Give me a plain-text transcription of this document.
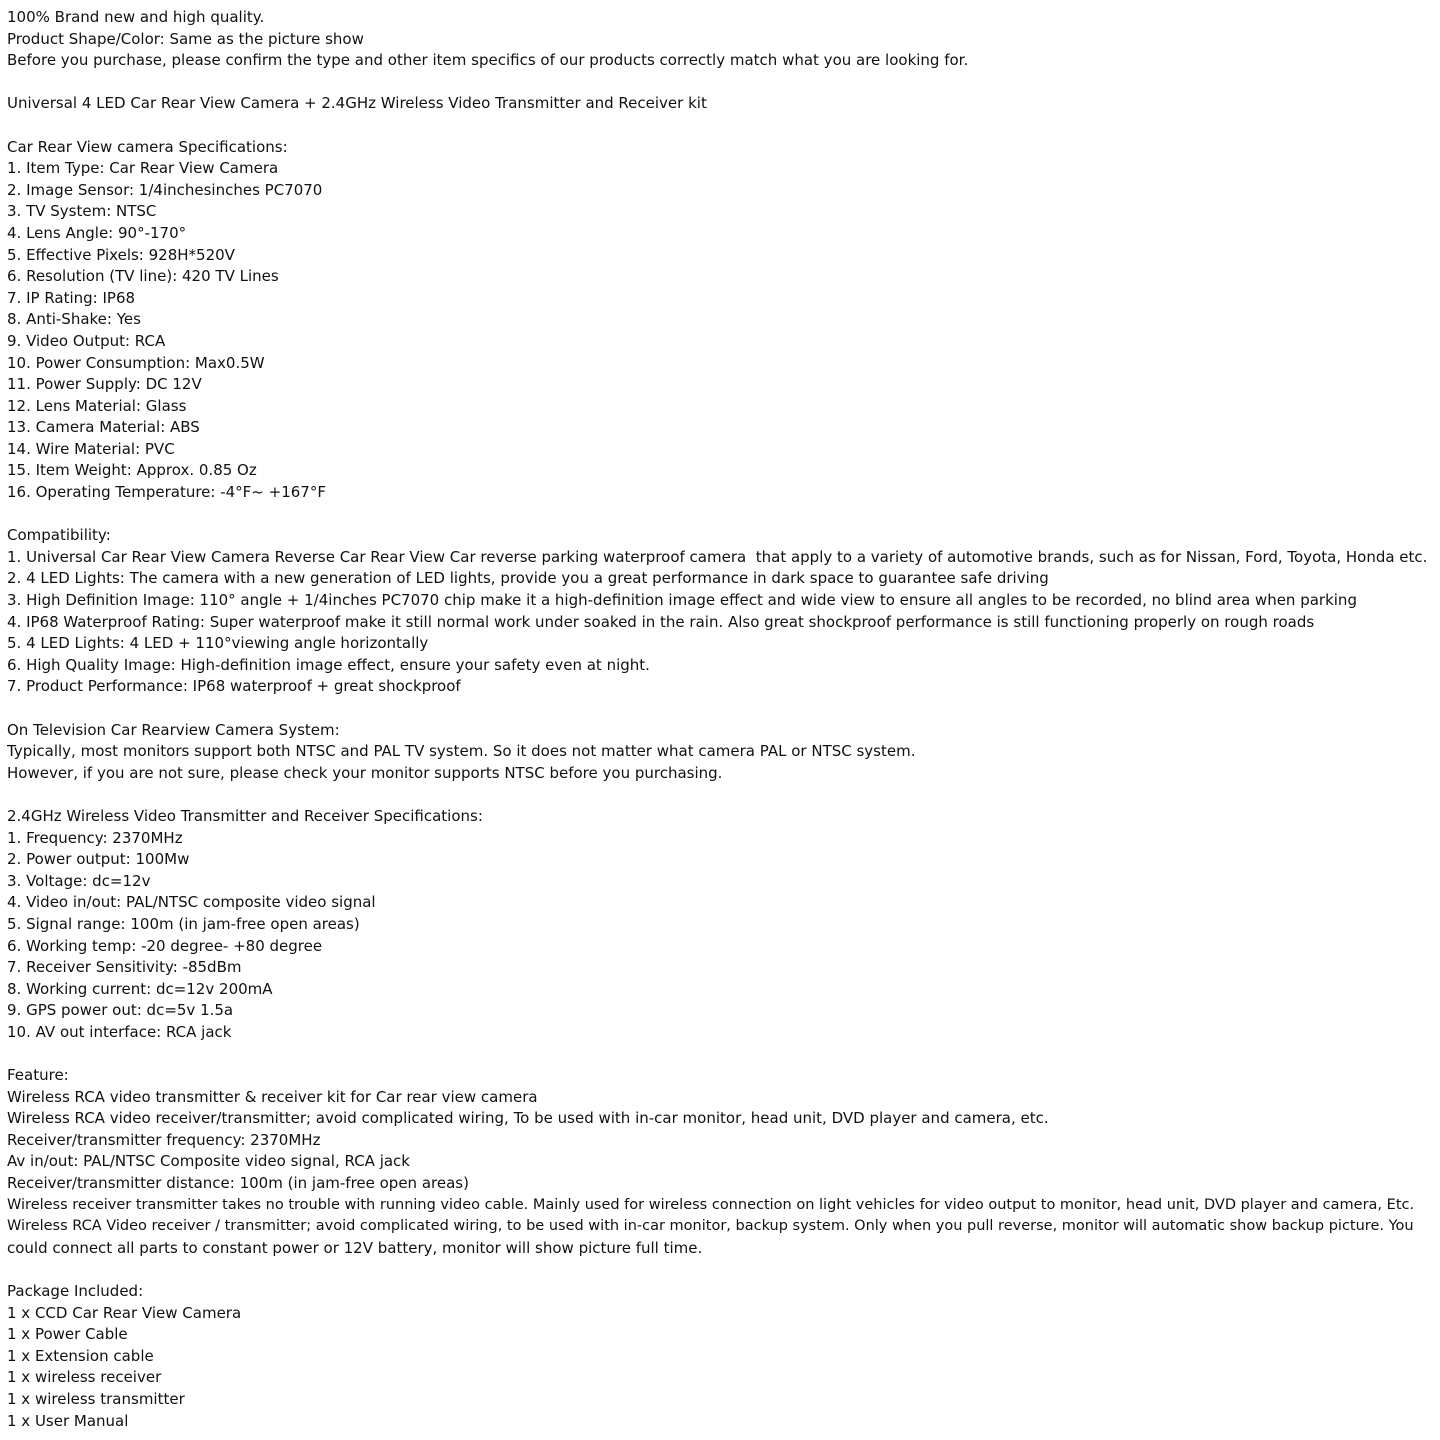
100% Brand new and high quality.

Product Shape/Color: Same as the picture show

Before you purchase, please confirm the type and other item specifics of our products correctly match what you are looking for.

Universal 4 LED Car Rear View Camera + 2.4GHz Wireless Video Transmitter and Receiver kit

Car Rear View camera Specifications:

1. Item Type: Car Rear View Camera

2. Image Sensor: 1/4inchesinches PC7070

3. TV System: NTSC

4. Lens Angle: 90°-170°

5. Effective Pixels: 928H*520V

6. Resolution (TV line): 420 TV Lines

7. IP Rating: IP68

8. Anti-Shake: Yes

9. Video Output: RCA

10. Power Consumption: Max0.5W

11. Power Supply: DC 12V

12. Lens Material: Glass

13. Camera Material: ABS

14. Wire Material: PVC

15. Item Weight: Approx. 0.85 Oz

16. Operating Temperature: -4°F~ +167°F

Compatibility:

1. Universal Car Rear View Camera Reverse Car Rear View Car reverse parking waterproof camera  that apply to a variety of automotive brands, such as for Nissan, Ford, Toyota, Honda etc.

2. 4 LED Lights: The camera with a new generation of LED lights, provide you a great performance in dark space to guarantee safe driving

3. High Definition Image: 110° angle + 1/4inches PC7070 chip make it a high-definition image effect and wide view to ensure all angles to be recorded, no blind area when parking

4. IP68 Waterproof Rating: Super waterproof make it still normal work under soaked in the rain. Also great shockproof performance is still functioning properly on rough roads

5. 4 LED Lights: 4 LED + 110°viewing angle horizontally

6. High Quality Image: High-definition image effect, ensure your safety even at night.

7. Product Performance: IP68 waterproof + great shockproof

On Television Car Rearview Camera System:

Typically, most monitors support both NTSC and PAL TV system. So it does not matter what camera PAL or NTSC system.

However, if you are not sure, please check your monitor supports NTSC before you purchasing.

2.4GHz Wireless Video Transmitter and Receiver Specifications:

1. Frequency: 2370MHz

2. Power output: 100Mw

3. Voltage: dc=12v

4. Video in/out: PAL/NTSC composite video signal

5. Signal range: 100m (in jam-free open areas)

6. Working temp: -20 degree- +80 degree

7. Receiver Sensitivity: -85dBm

8. Working current: dc=12v 200mA

9. GPS power out: dc=5v 1.5a

10. AV out interface: RCA jack

Feature:

Wireless RCA video transmitter & receiver kit for Car rear view camera

Wireless RCA video receiver/transmitter; avoid complicated wiring, To be used with in-car monitor, head unit, DVD player and camera, etc.

Receiver/transmitter frequency: 2370MHz

Av in/out: PAL/NTSC Composite video signal, RCA jack

Receiver/transmitter distance: 100m (in jam-free open areas)

Wireless receiver transmitter takes no trouble with running video cable. Mainly used for wireless connection on light vehicles for video output to monitor, head unit, DVD player and camera, Etc.

Wireless RCA Video receiver / transmitter; avoid complicated wiring, to be used with in-car monitor, backup system. Only when you pull reverse, monitor will automatic show backup picture. You

could connect all parts to constant power or 12V battery, monitor will show picture full time.

Package Included:

1 x CCD Car Rear View Camera

1 x Power Cable

1 x Extension cable

1 x wireless receiver

1 x wireless transmitter

1 x User Manual
